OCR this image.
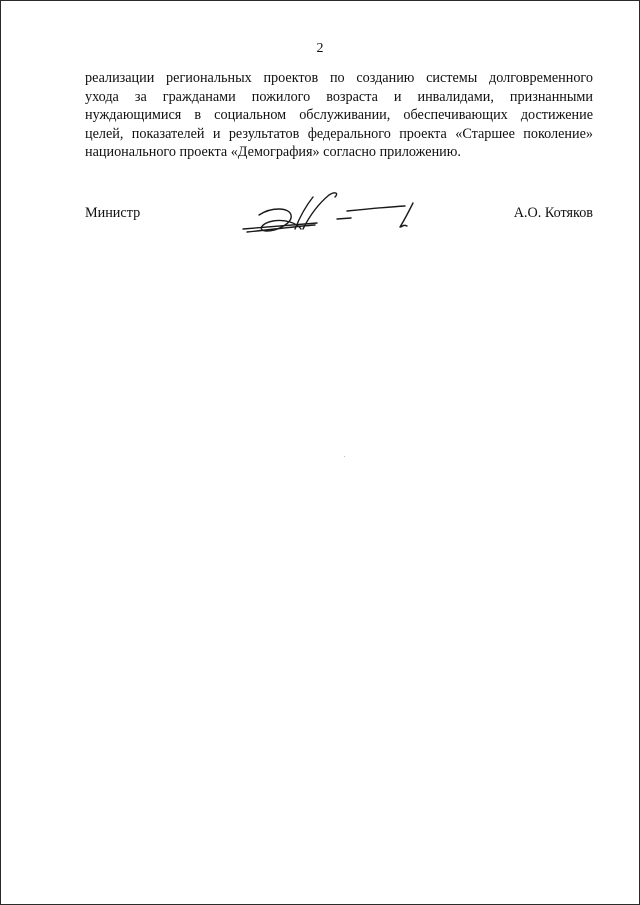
2
реализации региональных проектов по созданию системы долговременного
ухода за гражданами пожилого возраста и инвалидами, признанными
нуждающимися в социальном обслуживании, обеспечивающих достижение
целей, показателей и результатов федерального проекта «Старшее поколение»
национального проекта «Демография» согласно приложению.
Министр	А.О. Котяков
